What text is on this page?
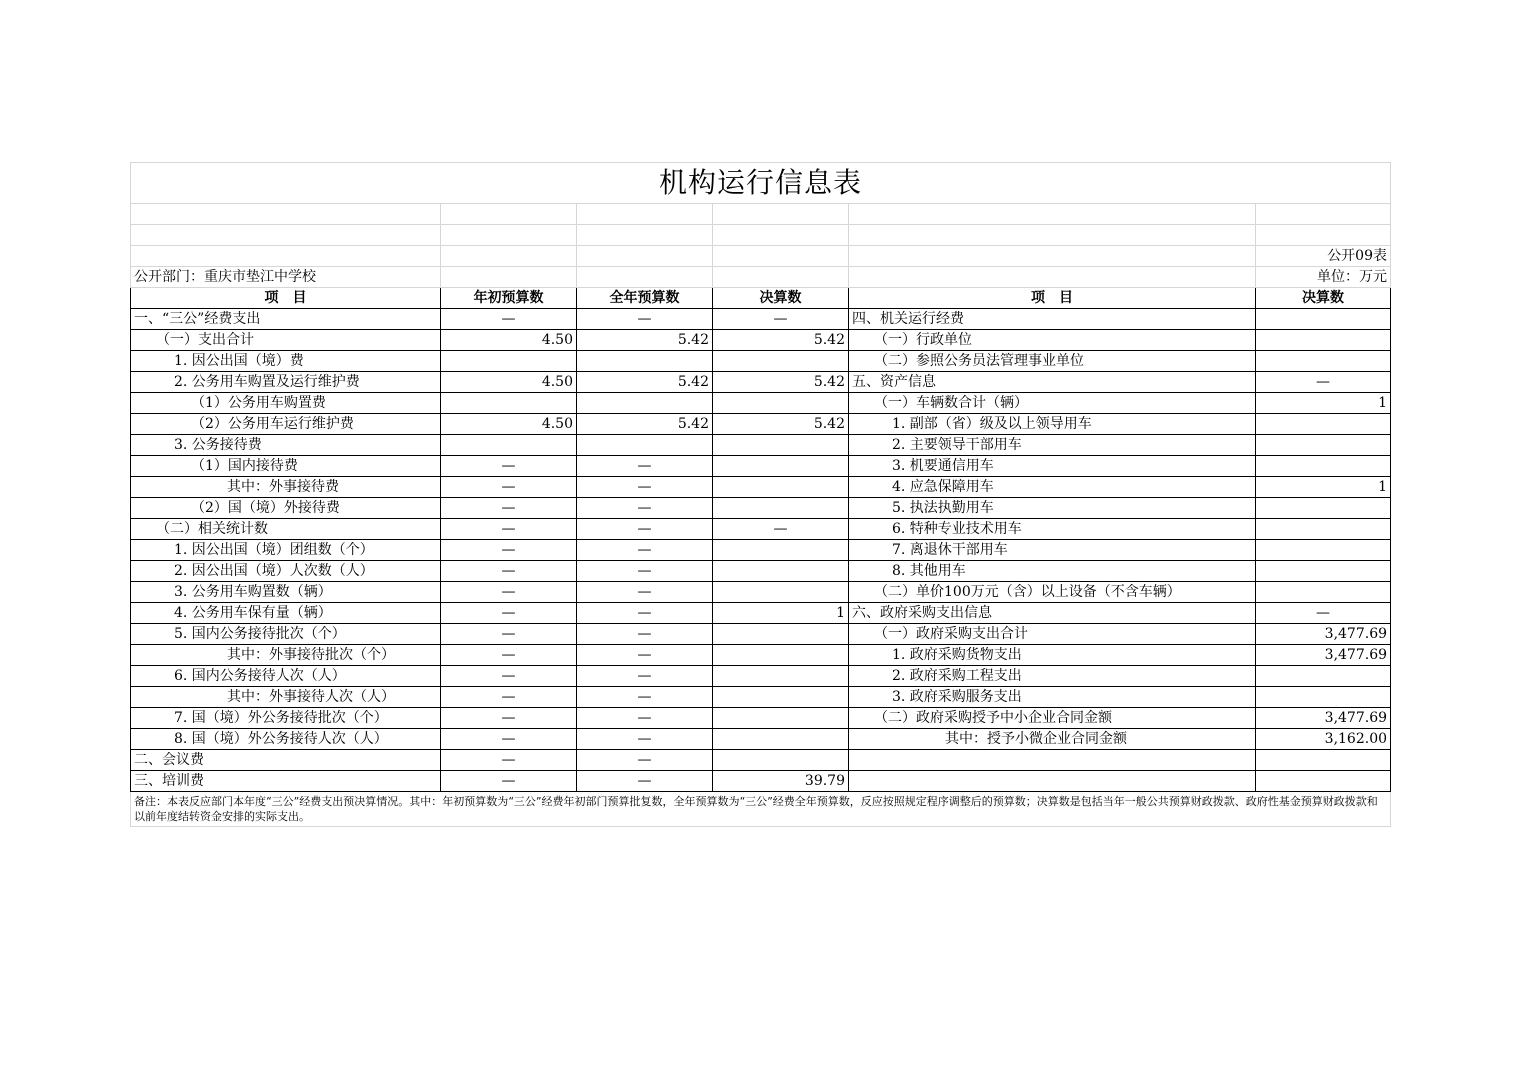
机构运行信息表					

					公开09表
公开部门：重庆市垫江中学校					单位：万元
项　目	年初预算数	全年预算数	决算数	项　目	决算数
一、“三公”经费支出	—	—	—	四、机关运行经费	
（一）支出合计	4.50	5.42	5.42	（一）行政单位	
1. 因公出国（境）费				（二）参照公务员法管理事业单位	
2. 公务用车购置及运行维护费	4.50	5.42	5.42	五、资产信息	—
（1）公务用车购置费				（一）车辆数合计（辆）	1
（2）公务用车运行维护费	4.50	5.42	5.42	1. 副部（省）级及以上领导用车	
3. 公务接待费				2. 主要领导干部用车	
（1）国内接待费	—	—		3. 机要通信用车	
其中：外事接待费	—	—		4. 应急保障用车	1
（2）国（境）外接待费	—	—		5. 执法执勤用车	
（二）相关统计数	—	—	—	6. 特种专业技术用车	
1. 因公出国（境）团组数（个）	—	—		7. 离退休干部用车	
2. 因公出国（境）人次数（人）	—	—		8. 其他用车	
3. 公务用车购置数（辆）	—	—		（二）单价100万元（含）以上设备（不含车辆）	
4. 公务用车保有量（辆）	—	—	1	六、政府采购支出信息	—
5. 国内公务接待批次（个）	—	—		（一）政府采购支出合计	3,477.69
其中：外事接待批次（个）	—	—		1. 政府采购货物支出	3,477.69
6. 国内公务接待人次（人）	—	—		2. 政府采购工程支出	
其中：外事接待人次（人）	—	—		3. 政府采购服务支出	
7. 国（境）外公务接待批次（个）	—	—		（二）政府采购授予中小企业合同金额	3,477.69
8. 国（境）外公务接待人次（人）	—	—		其中：授予小微企业合同金额	3,162.00
二、会议费	—	—			
三、培训费	—	—	39.79		
备注：本表反应部门本年度“三公”经费支出预决算情况。其中：年初预算数为“三公”经费年初部门预算批复数，全年预算数为“三公”经费全年预算数，反应按照规定程序调整后的预算数；决算数是包括当年一般公共预算财政拨款、政府性基金预算财政拨款和以前年度结转资金安排的实际支出。					
